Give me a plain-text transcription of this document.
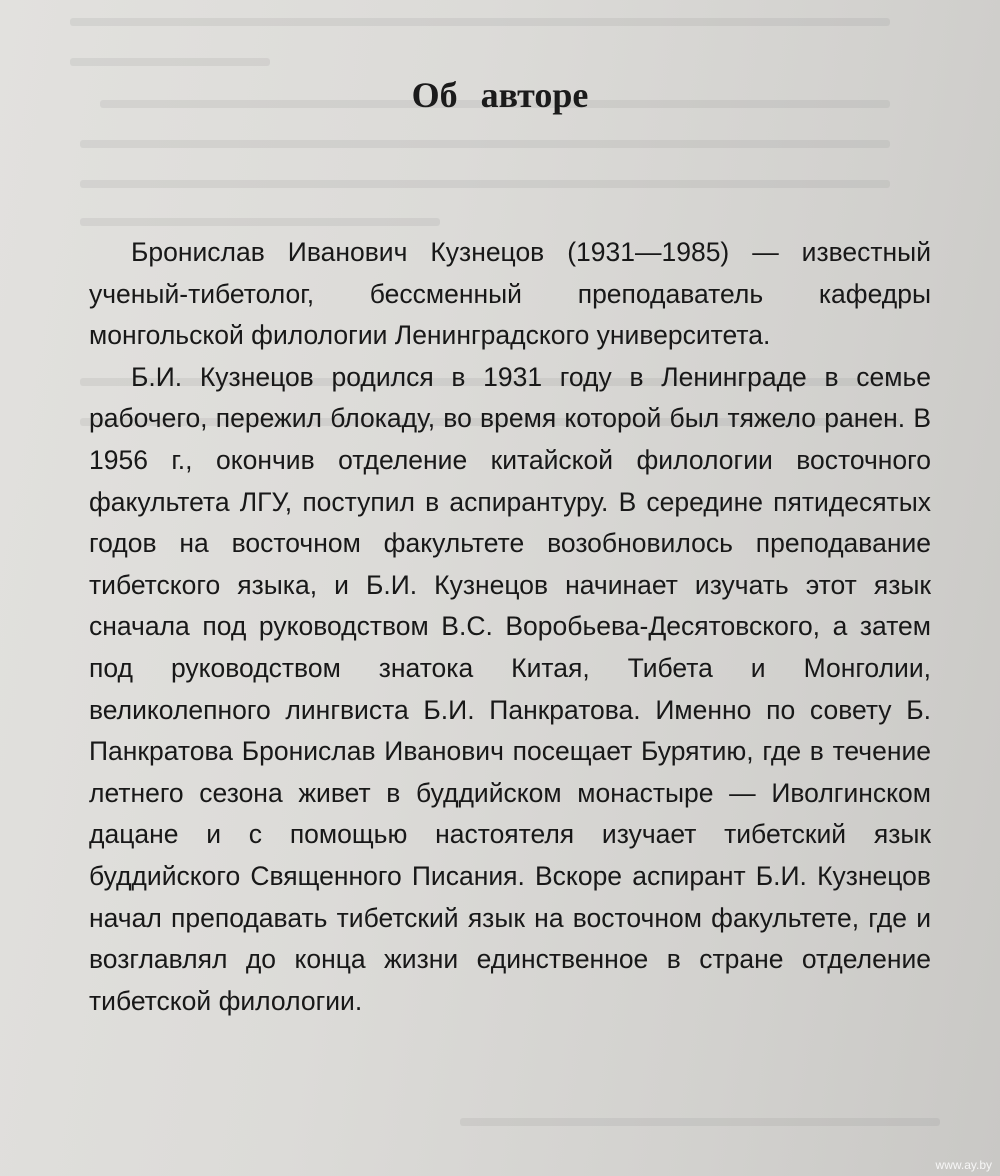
Об авторе

Бронислав Иванович Кузнецов (1931—1985) — известный ученый-тибетолог, бессменный преподаватель кафедры монгольской филологии Ленинградского университета.

Б.И. Кузнецов родился в 1931 году в Ленинграде в семье рабочего, пережил блокаду, во время которой был тяжело ранен. В 1956 г., окончив отделение китайской филологии восточного факультета ЛГУ, поступил в аспирантуру. В середине пятидесятых годов на восточном факультете возобновилось преподавание тибетского языка, и Б.И. Кузнецов начинает изучать этот язык сначала под руководством В.С. Воробьева-Десятовского, а затем под руководством знатока Китая, Тибета и Монголии, великолепного лингвиста Б.И. Панкратова. Именно по совету Б. Панкратова Бронислав Иванович посещает Бурятию, где в течение летнего сезона живет в буддийском монастыре — Иволгинском дацане и с помощью настоятеля изучает тибетский язык буддийского Священного Писания. Вскоре аспирант Б.И. Кузнецов начал преподавать тибетский язык на восточном факультете, где и возглавлял до конца жизни единственное в стране отделение тибетской филологии.

www.ay.by
